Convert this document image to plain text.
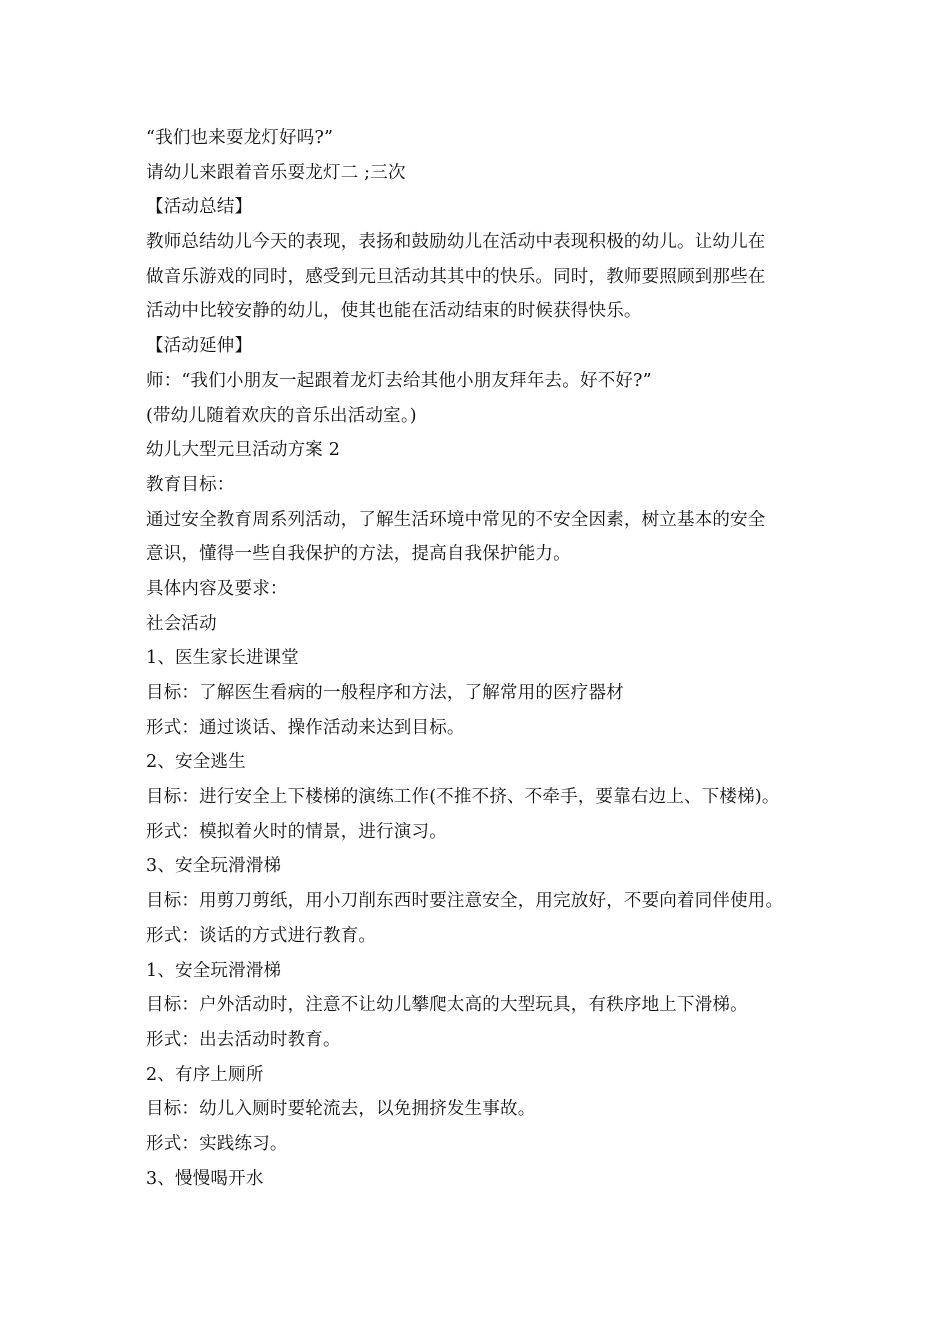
“我们也来耍龙灯好吗?”
请幼儿来跟着音乐耍龙灯二 ;三次
【活动总结】
教师总结幼儿今天的表现，表扬和鼓励幼儿在活动中表现积极的幼儿。让幼儿在
做音乐游戏的同时，感受到元旦活动其其中的快乐。同时，教师要照顾到那些在
活动中比较安静的幼儿，使其也能在活动结束的时候获得快乐。
【活动延伸】
师：“我们小朋友一起跟着龙灯去给其他小朋友拜年去。好不好?”
(带幼儿随着欢庆的音乐出活动室。)
幼儿大型元旦活动方案 2
教育目标：
通过安全教育周系列活动，了解生活环境中常见的不安全因素，树立基本的安全
意识，懂得一些自我保护的方法，提高自我保护能力。
具体内容及要求：
社会活动
1、医生家长进课堂
目标：了解医生看病的一般程序和方法，了解常用的医疗器材
形式：通过谈话、操作活动来达到目标。
2、安全逃生
目标：进行安全上下楼梯的演练工作(不推不挤、不牵手，要靠右边上、下楼梯)。
形式：模拟着火时的情景，进行演习。
3、安全玩滑滑梯
目标：用剪刀剪纸，用小刀削东西时要注意安全，用完放好，不要向着同伴使用。
形式：谈话的方式进行教育。
1、安全玩滑滑梯
目标：户外活动时，注意不让幼儿攀爬太高的大型玩具，有秩序地上下滑梯。
形式：出去活动时教育。
2、有序上厕所
目标：幼儿入厕时要轮流去，以免拥挤发生事故。
形式：实践练习。
3、慢慢喝开水
